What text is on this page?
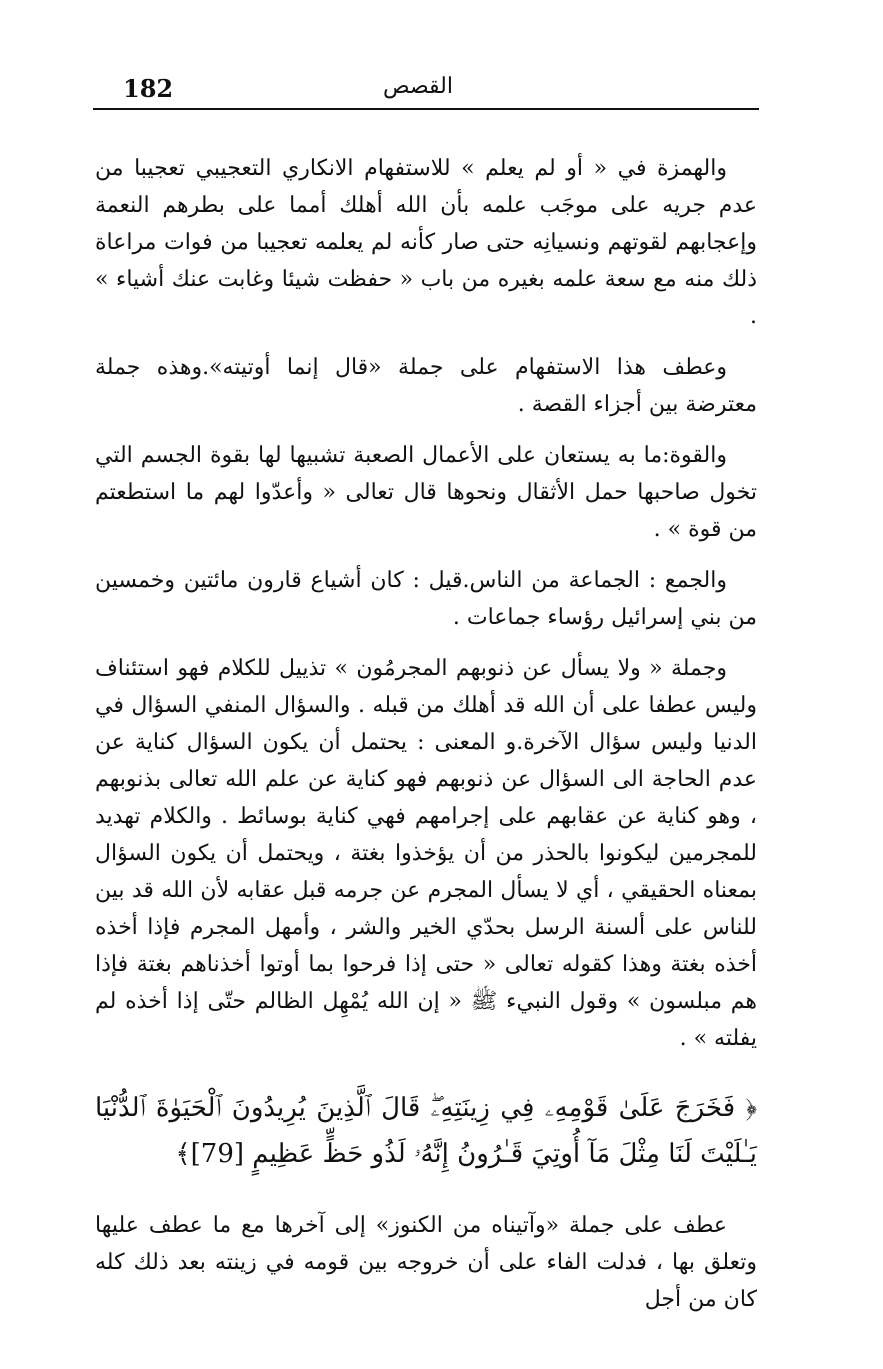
182	القصص

والهمزة في « أو لم يعلم » للاستفهام الانكاري التعجيبي تعجيبا من عدم جريه على موجَب علمه بأن الله أهلك أمما على بطرهم النعمة وإعجابهم لقوتهم ونسيانِه حتى صار كأنه لم يعلمه تعجيبا من فوات مراعاة ذلك منه مع سعة علمه بغيره من باب « حفظت شيئا وغابت عنك أشياء » .

وعطف هذا الاستفهام على جملة «قال إنما أوتيته».وهذه جملة معترضة بين أجزاء القصة .

والقوة:ما به يستعان على الأعمال الصعبة تشبيها لها بقوة الجسم التي تخول صاحبها حمل الأثقال ونحوها قال تعالى « وأعدّوا لهم ما استطعتم من قوة » .

والجمع : الجماعة من الناس.قيل : كان أشياع قارون مائتين وخمسين من بني إسرائيل رؤساء جماعات .

وجملة « ولا يسأل عن ذنوبهم المجرمُون » تذييل للكلام فهو استئناف وليس عطفا على أن الله قد أهلك من قبله . والسؤال المنفي السؤال في الدنيا وليس سؤال الآخرة.و المعنى : يحتمل أن يكون السؤال كناية عن عدم الحاجة الى السؤال عن ذنوبهم فهو كناية عن علم الله تعالى بذنوبهم ، وهو كناية عن عقابهم على إجرامهم فهي كناية بوسائط . والكلام تهديد للمجرمين ليكونوا بالحذر من أن يؤخذوا بغتة ، ويحتمل أن يكون السؤال بمعناه الحقيقي ، أي لا يسأل المجرم عن جرمه قبل عقابه لأن الله قد بين للناس على ألسنة الرسل بحدّي الخير والشر ، وأمهل المجرم فإذا أخذه أخذه بغتة وهذا كقوله تعالى « حتى إذا فرحوا بما أوتوا أخذناهم بغتة فإذا هم مبلسون » وقول النبيء ﷺ « إن الله يُمْهِل الظالم حتّى إذا أخذه لم يفلته » .

﴿ فَخَرَجَ عَلَىٰ قَوْمِهِۦ فِي زِينَتِهِۦۖ قَالَ ٱلَّذِينَ يُرِيدُونَ ٱلْحَيَوٰةَ ٱلدُّنْيَا يَـٰلَيْتَ لَنَا مِثْلَ مَآ أُوتِيَ قَـٰرُونُ إِنَّهُۥ لَذُو حَظٍّ عَظِيمٍ [79]﴾

عطف على جملة «وآتيناه من الكنوز» إلى آخرها مع ما عطف عليها وتعلق بها ، فدلت الفاء على أن خروجه بين قومه في زينته بعد ذلك كله كان من أجل
